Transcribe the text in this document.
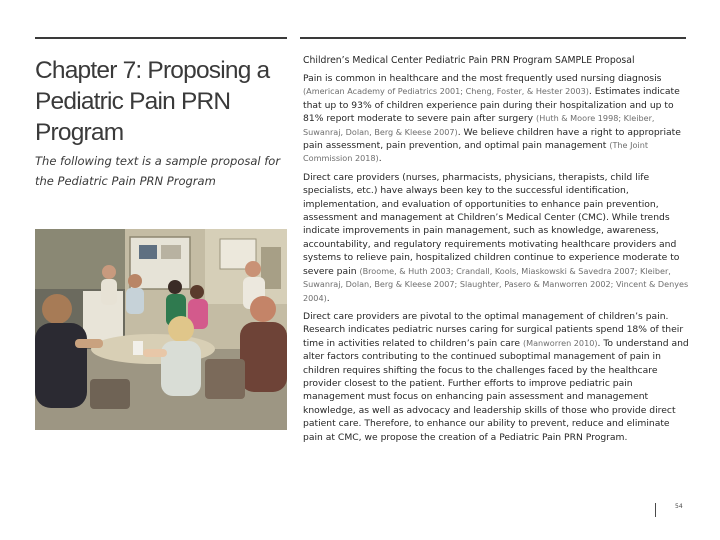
Chapter 7: Proposing a Pediatric Pain PRN Program
The following text is a sample proposal for the Pediatric Pain PRN Program
Children’s Medical Center Pediatric Pain PRN Program SAMPLE Proposal

Pain is common in healthcare and the most frequently used nursing diagnosis (American Academy of Pediatrics 2001; Cheng, Foster, & Hester 2003). Estimates indicate that up to 93% of children experience pain during their hospitalization and up to 81% report moderate to severe pain after surgery (Huth & Moore 1998; Kleiber, Suwanraj, Dolan, Berg & Kleese 2007). We believe children have a right to appropriate pain assessment, pain prevention, and optimal pain management (The Joint Commission 2018).

Direct care providers (nurses, pharmacists, physicians, therapists, child life specialists, etc.) have always been key to the successful identification, implementation, and evaluation of opportunities to enhance pain prevention, assessment and management at Children’s Medical Center (CMC). While trends indicate improvements in pain management, such as knowledge, awareness, accountability, and regulatory requirements motivating healthcare providers and systems to relieve pain, hospitalized children continue to experience moderate to severe pain (Broome, & Huth 2003; Crandall, Kools, Miaskowski & Savedra 2007; Kleiber, Suwanraj, Dolan, Berg & Kleese 2007; Slaughter, Pasero & Manworren 2002; Vincent & Denyes 2004).

Direct care providers are pivotal to the optimal management of children’s pain. Research indicates pediatric nurses caring for surgical patients spend 18% of their time in activities related to children’s pain care (Manworren 2010). To understand and alter factors contributing to the continued suboptimal management of pain in children requires shifting the focus to the challenges faced by the healthcare provider closest to the patient. Further efforts to improve pediatric pain management must focus on enhancing pain assessment and management knowledge, as well as advocacy and leadership skills of those who provide direct patient care. Therefore, to enhance our ability to prevent, reduce and eliminate pain at CMC, we propose the creation of a Pediatric Pain PRN Program.

54
